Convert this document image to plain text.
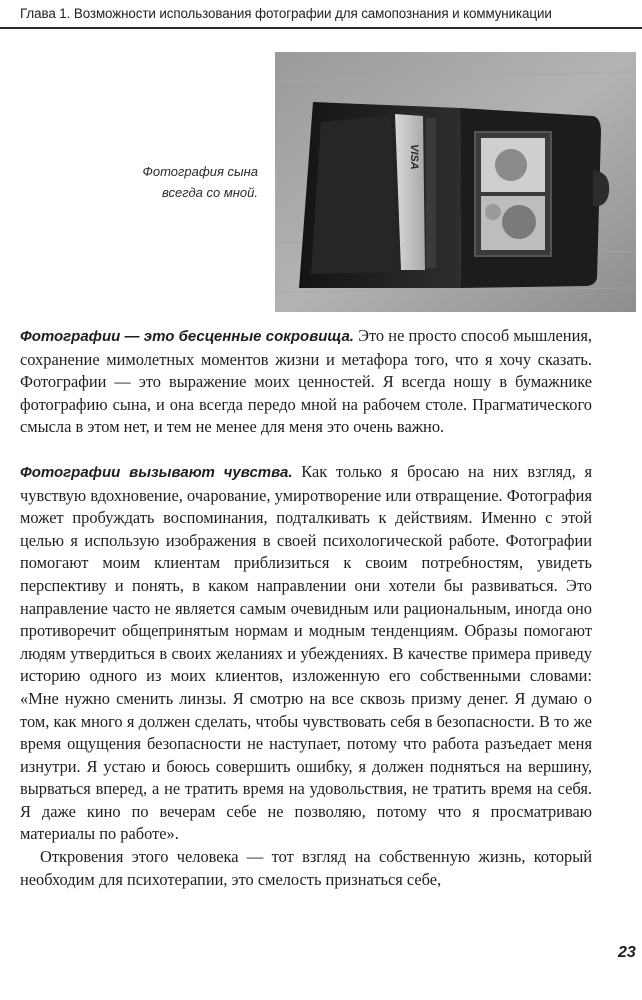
Глава 1. Возможности использования фотографии для самопознания и коммуникации
Фотография сына
всегда со мной.
VISA

Фотографии — это бесценные сокровища. Это не просто способ мышления, сохранение мимолетных моментов жизни и метафора того, что я хочу сказать. Фотографии — это выражение моих ценностей. Я всегда ношу в бумажнике фотографию сына, и она всегда передо мной на рабочем столе. Прагматического смысла в этом нет, и тем не менее для меня это очень важно.

Фотографии вызывают чувства. Как только я бросаю на них взгляд, я чувствую вдохновение, очарование, умиротворение или отвращение. Фотография может пробуждать воспоминания, подталкивать к действиям. Именно с этой целью я использую изображения в своей психологической работе. Фотографии помогают моим клиентам приблизиться к своим потребностям, увидеть перспективу и понять, в каком направлении они хотели бы развиваться. Это направление часто не является самым очевидным или рациональным, иногда оно противоречит общепринятым нормам и модным тенденциям. Образы помогают людям утвердиться в своих желаниях и убеждениях. В качестве примера приведу историю одного из моих клиентов, изложенную его собственными словами: «Мне нужно сменить линзы. Я смотрю на все сквозь призму денег. Я думаю о том, как много я должен сделать, чтобы чувствовать себя в безопасности. В то же время ощущения безопасности не наступает, потому что работа разъедает меня изнутри. Я устаю и боюсь совершить ошибку, я должен подняться на вершину, вырваться вперед, а не тратить время на удовольствия, не тратить время на себя. Я даже кино по вечерам себе не позволяю, потому что я просматриваю материалы по работе».

Откровения этого человека — тот взгляд на собственную жизнь, который необходим для психотерапии, это смелость признаться себе,

23
